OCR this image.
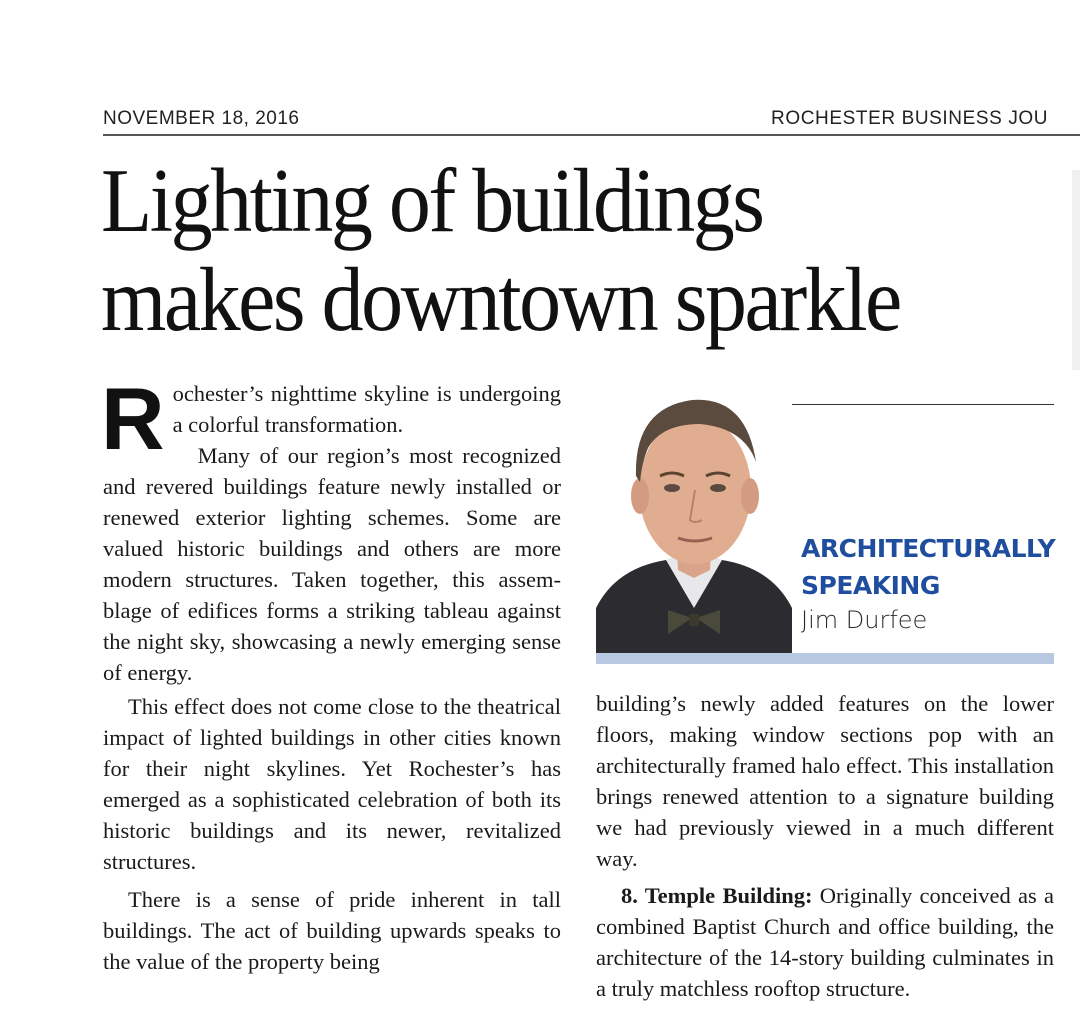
NOVEMBER 18, 2016	ROCHESTER BUSINESS JOU
Lighting of buildings
makes downtown sparkle

Rochester’s nighttime skyline is undergoing a colorful transformation.

Many of our region’s most recognized and revered buildings feature newly installed or renewed exterior lighting schemes. Some are valued historic buildings and others are more modern structures. Taken together, this assemblage of edifices forms a striking tableau against the night sky, showcasing a newly emerging sense of energy.

This effect does not come close to the theatrical impact of lighted buildings in other cities known for their night skylines. Yet Rochester’s has emerged as a sophisticated celebration of both its historic buildings and its newer, revitalized structures.

There is a sense of pride inherent in tall buildings. The act of building upwards speaks to the value of the property being

ARCHITECTURALLY
SPEAKING
Jim Durfee

building’s newly added features on the lower floors, making window sections pop with an architecturally framed halo effect. This installation brings renewed attention to a signature building we had previously viewed in a much different way.

8. Temple Building: Originally conceived as a combined Baptist Church and office building, the architecture of the 14-story building culminates in a truly matchless rooftop structure.
